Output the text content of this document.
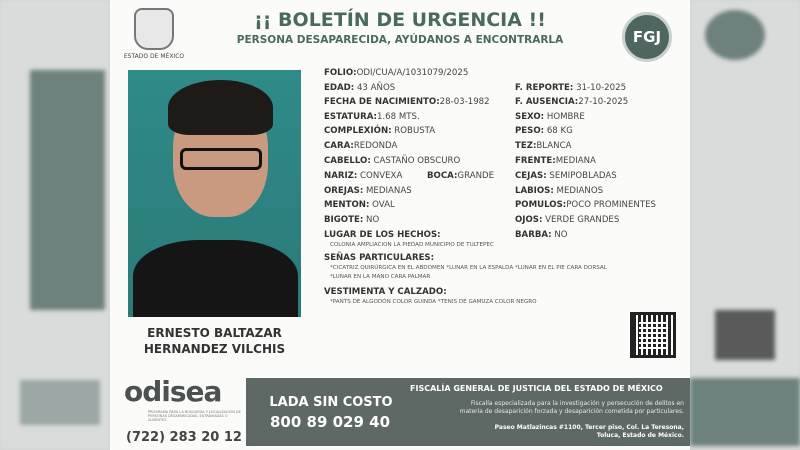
ESTADO DE MÉXICO
¡¡ BOLETÍN DE URGENCIA !!
PERSONA DESAPARECIDA, AYÚDANOS A ENCONTRARLA	FGJ
ERNESTO BALTAZAR
HERNANDEZ VILCHIS
FOLIO:ODI/CUA/A/1031079/2025
EDAD: 43 AÑOS
FECHA DE NACIMIENTO:28-03-1982
ESTATURA:1.68 MTS.
COMPLEXIÓN: ROBUSTA
CARA:REDONDA
CABELLO: CASTAÑO OBSCURO
NARIZ: CONVEXA
OREJAS: MEDIANAS
MENTON: OVAL
BIGOTE: NO
F. REPORTE: 31-10-2025
F. AUSENCIA:27-10-2025
SEXO: HOMBRE
PESO: 68 KG
TEZ:BLANCA
FRENTE:MEDIANA
CEJAS: SEMIPOBLADAS
LABIOS: MEDIANOS
POMULOS:POCO PROMINENTES
OJOS: VERDE GRANDES
BARBA: NO
BOCA:GRANDE
LUGAR DE LOS HECHOS:
COLONIA AMPLIACION LA PIEDAD MUNICIPIO DE TULTEPEC
SEÑAS PARTICULARES:
*CICATRIZ QUIRÚRGICA EN EL ABDOMEN *LUNAR EN LA ESPALDA *LUNAR EN EL PIE CARA DORSAL
*LUNAR EN LA MANO CARA PALMAR
VESTIMENTA Y CALZADO:
*PANTS DE ALGODÓN COLOR GUINDA *TENIS DE GAMUZA COLOR NEGRO
odisea
PROGRAMA PARA LA BÚSQUEDA Y LOCALIZACIÓN DE PERSONAS DESAPARECIDAS, EXTRAVIADAS O AUSENTES
(722) 283 20 12
LADA SIN COSTO
800 89 029 40
FISCALÍA GENERAL DE JUSTICIA DEL ESTADO DE MÉXICO
Fiscalía especializada para la investigación y persecución de delitos en
materia de desaparición forzada y desaparición cometida por particulares.
Paseo Matlazincas #1100, Tercer piso, Col. La Teresona,
Toluca, Estado de México.
